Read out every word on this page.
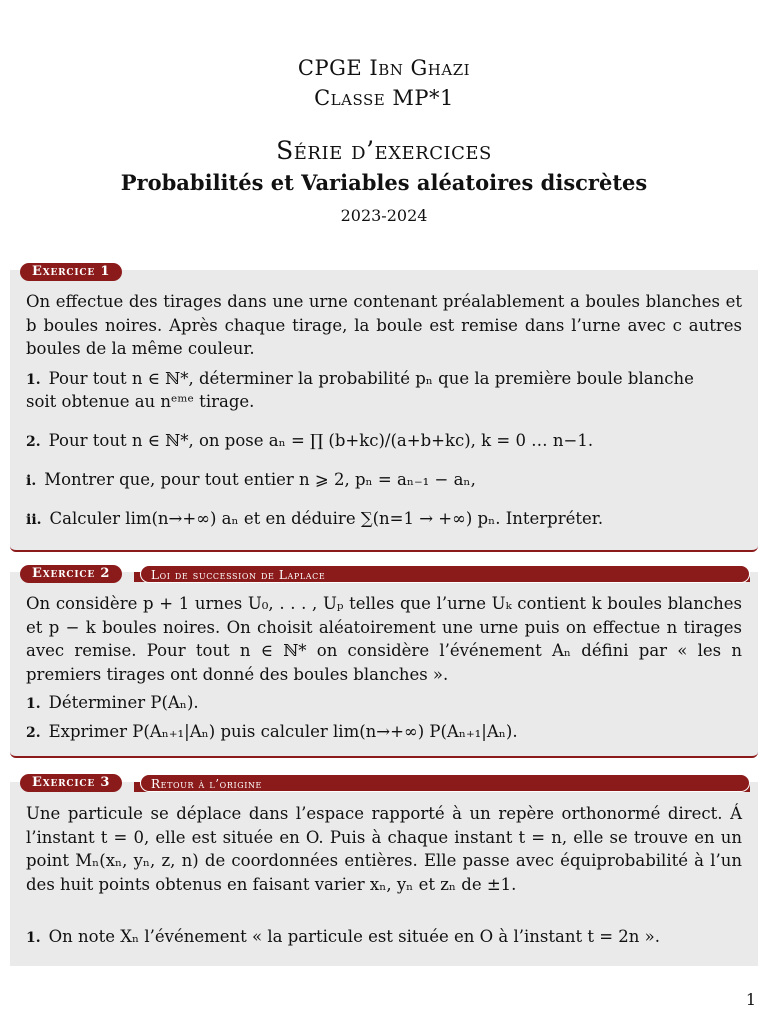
CPGE Ibn Ghazi
Classe MP*1
Série d’exercices
Probabilités et Variables aléatoires discrètes
2023-2024
Exercice 1
On effectue des tirages dans une urne contenant préalablement a boules blanches et b boules noires. Après chaque tirage, la boule est remise dans l’urne avec c autres boules de la même couleur.
1. Pour tout n ∈ ℕ*, déterminer la probabilité pₙ que la première boule blanche
soit obtenue au nᵉᵐᵉ tirage.
2. Pour tout n ∈ ℕ*, on pose aₙ = ∏ (b+kc)/(a+b+kc), k = 0 … n−1.
i. Montrer que, pour tout entier n ⩾ 2, pₙ = aₙ₋₁ − aₙ,
ii. Calculer lim(n→+∞) aₙ et en déduire ∑(n=1 → +∞) pₙ. Interpréter.
Exercice 2	Loi de succession de Laplace
On considère p + 1 urnes U₀, . . . , Uₚ telles que l’urne Uₖ contient k boules blanches et p − k boules noires. On choisit aléatoirement une urne puis on effectue n tirages avec remise. Pour tout n ∈ ℕ* on considère l’événement Aₙ défini par « les n premiers tirages ont donné des boules blanches ».
1. Déterminer P(Aₙ).
2. Exprimer P(Aₙ₊₁|Aₙ) puis calculer lim(n→+∞) P(Aₙ₊₁|Aₙ).
Exercice 3	Retour à l’origine
Une particule se déplace dans l’espace rapporté à un repère orthonormé direct. Á l’instant t = 0, elle est située en O. Puis à chaque instant t = n, elle se trouve en un point Mₙ(xₙ, yₙ, z, n) de coordonnées entières. Elle passe avec équiprobabilité à l’un des huit points obtenus en faisant varier xₙ, yₙ et zₙ de ±1.
1. On note Xₙ l’événement « la particule est située en O à l’instant t = 2n ».
1
